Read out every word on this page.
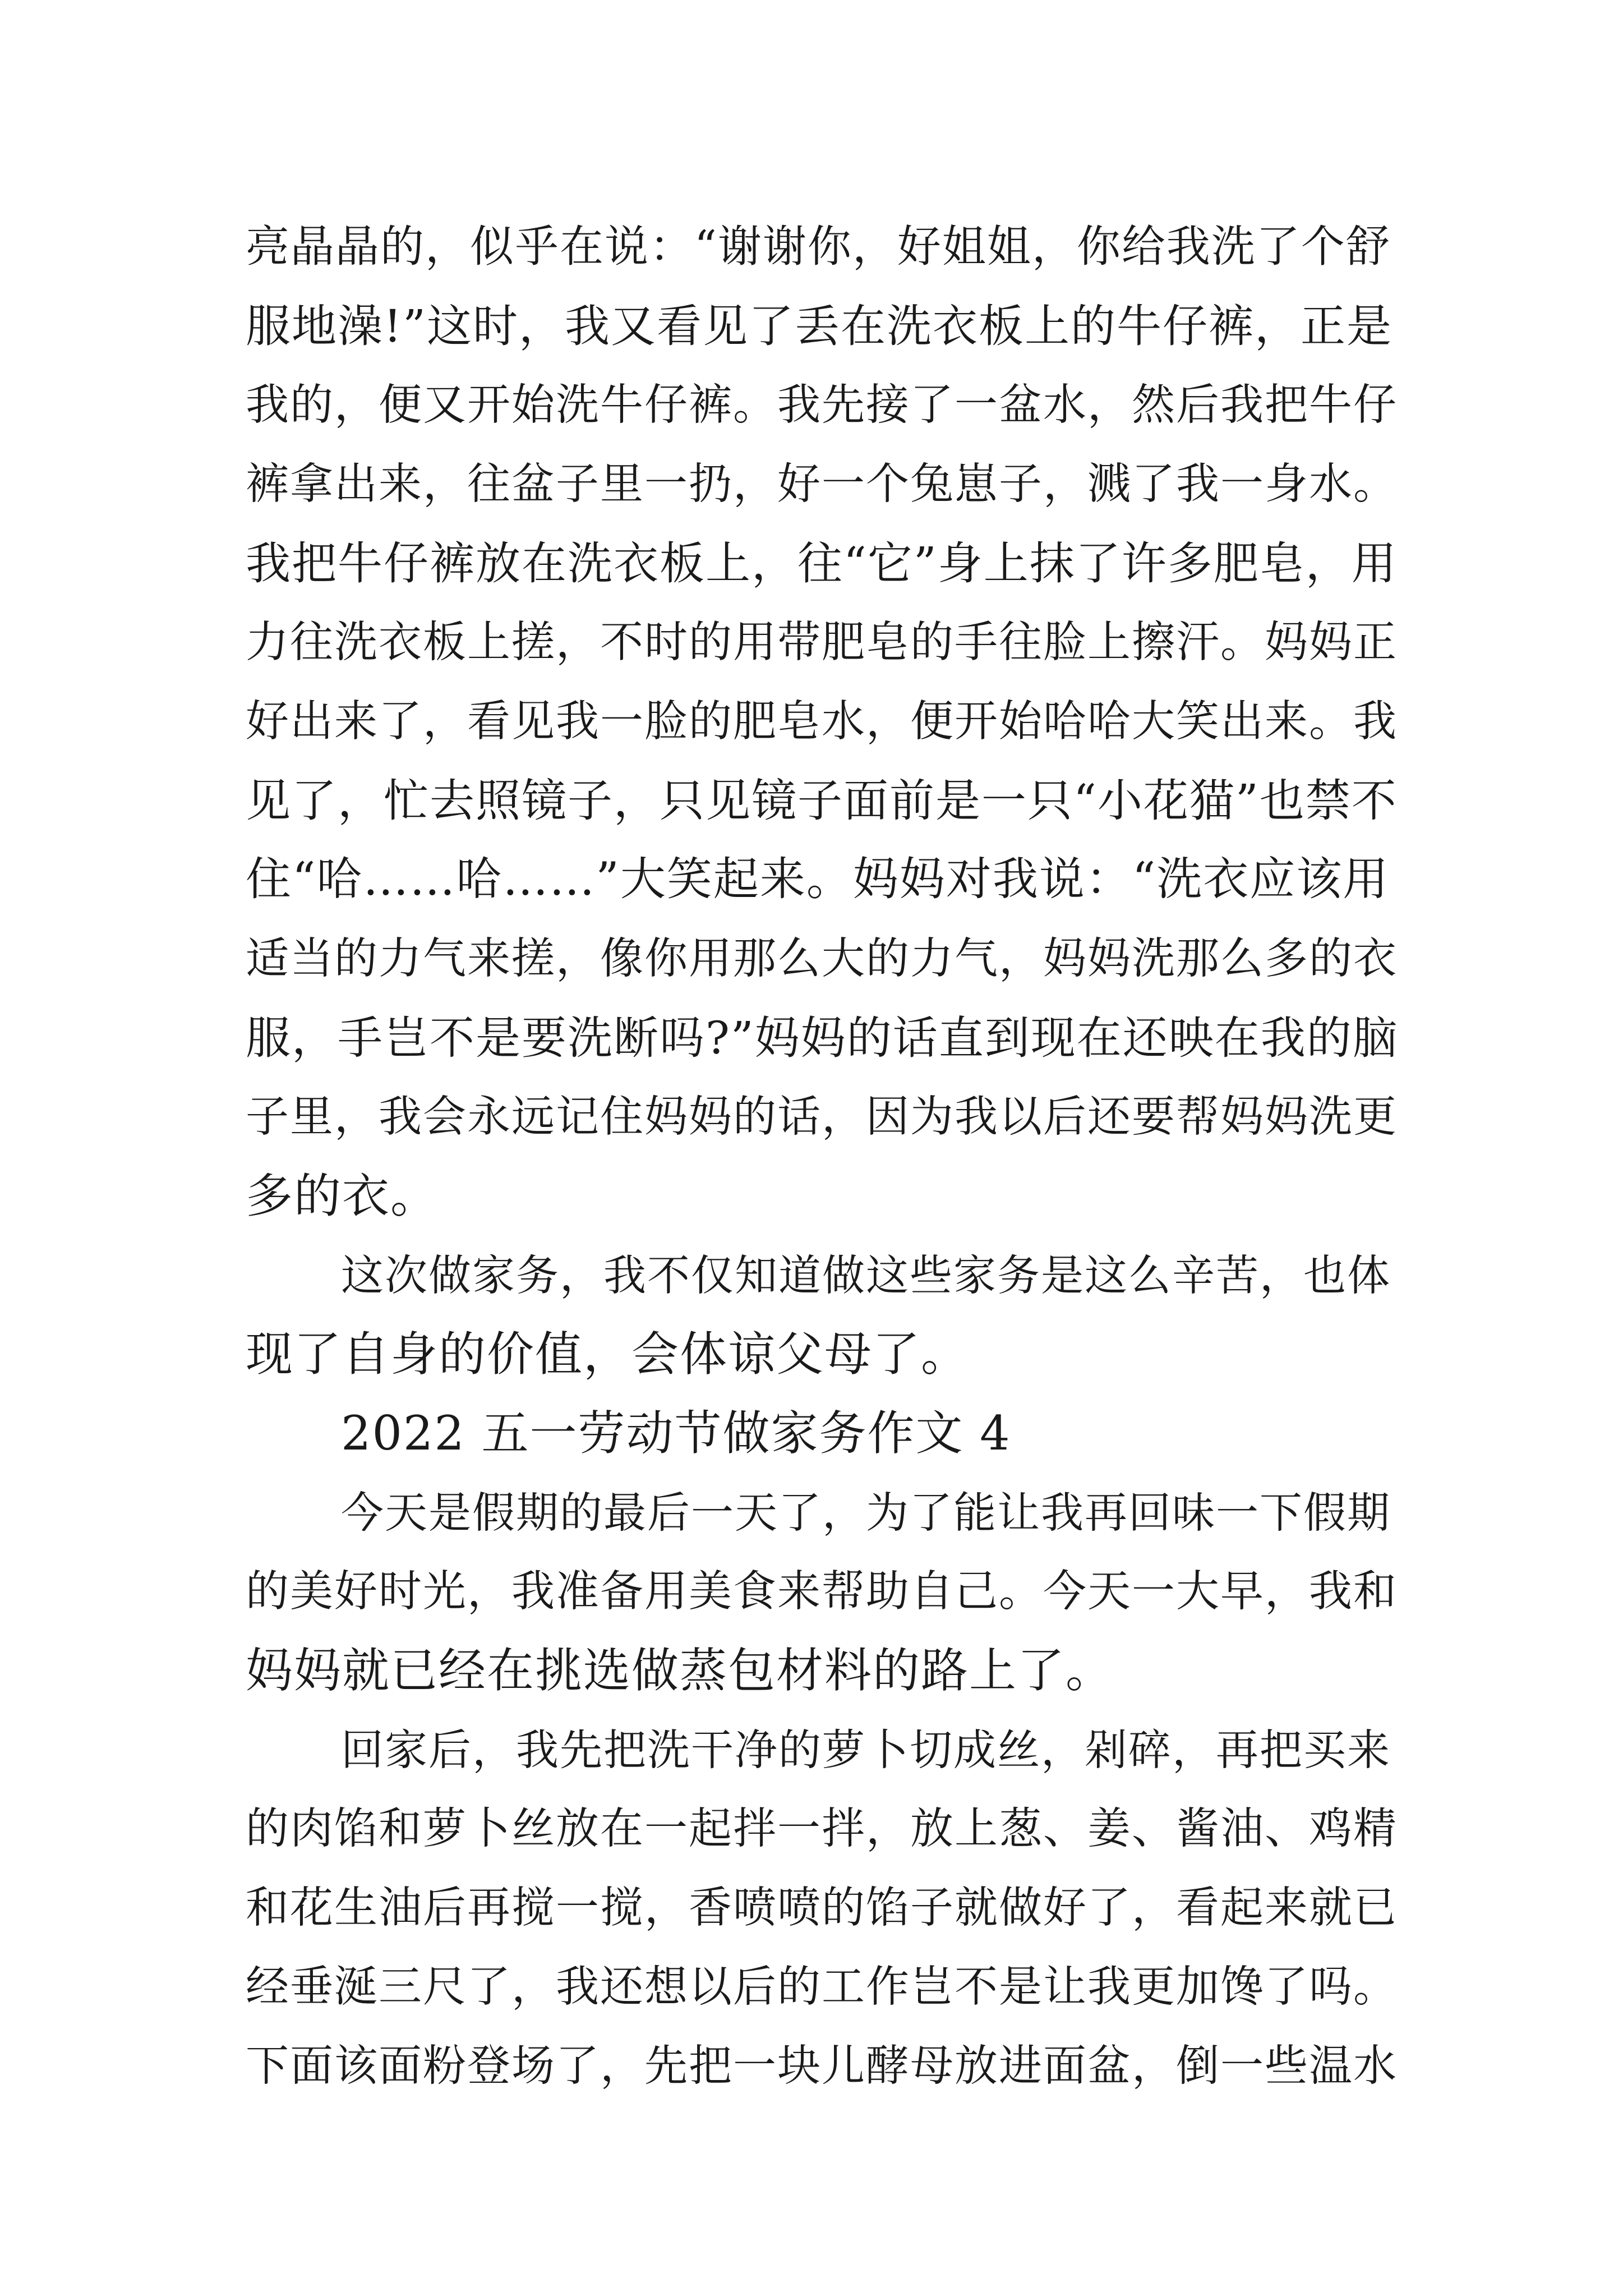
亮晶晶的，似乎在说：“谢谢你，好姐姐，你给我洗了个舒
服地澡!”这时，我又看见了丢在洗衣板上的牛仔裤，正是
我的，便又开始洗牛仔裤。我先接了一盆水，然后我把牛仔
裤拿出来，往盆子里一扔，好一个兔崽子，溅了我一身水。
我把牛仔裤放在洗衣板上，往“它”身上抹了许多肥皂，用
力往洗衣板上搓，不时的用带肥皂的手往脸上擦汗。妈妈正
好出来了，看见我一脸的肥皂水，便开始哈哈大笑出来。我
见了，忙去照镜子，只见镜子面前是一只“小花猫”也禁不
住“哈……哈……”大笑起来。妈妈对我说：“洗衣应该用
适当的力气来搓，像你用那么大的力气，妈妈洗那么多的衣
服，手岂不是要洗断吗?”妈妈的话直到现在还映在我的脑
子里，我会永远记住妈妈的话，因为我以后还要帮妈妈洗更
多的衣。
这次做家务，我不仅知道做这些家务是这么辛苦，也体
现了自身的价值，会体谅父母了。
2022 五一劳动节做家务作文 4
今天是假期的最后一天了，为了能让我再回味一下假期
的美好时光，我准备用美食来帮助自己。今天一大早，我和
妈妈就已经在挑选做蒸包材料的路上了。
回家后，我先把洗干净的萝卜切成丝，剁碎，再把买来
的肉馅和萝卜丝放在一起拌一拌，放上葱、姜、酱油、鸡精
和花生油后再搅一搅，香喷喷的馅子就做好了，看起来就已
经垂涎三尺了，我还想以后的工作岂不是让我更加馋了吗。
下面该面粉登场了，先把一块儿酵母放进面盆，倒一些温水
